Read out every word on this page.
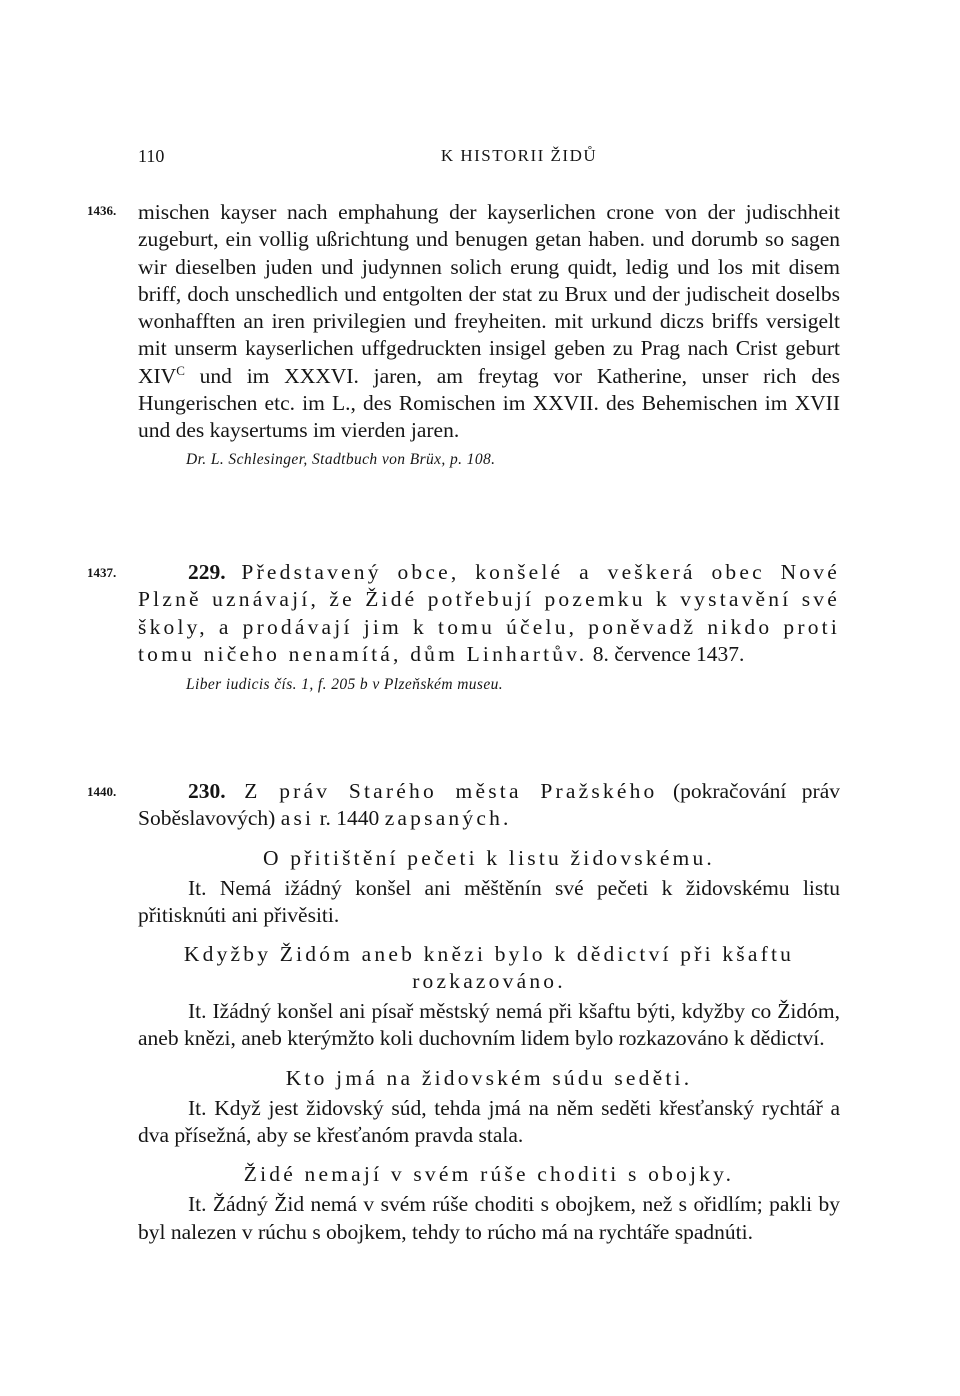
110	K HISTORII ŽIDŮ
1436. mischen kayser nach emphahung der kayserlichen crone von der judischheit zugeburt, ein vollig ußrichtung und benugen getan haben. und dorumb so sagen wir dieselben juden und judynnen solich erung quidt, ledig und los mit disem briff, doch unschedlich und entgolten der stat zu Brux und der judischeit doselbs wonhafften an iren privilegien und freyheiten. mit urkund diczs briffs versigelt mit unserm kayserlichen uffgedruckten insigel geben zu Prag nach Crist geburt $XIV^C$ und im XXXVI. jaren, am freytag vor Katherine, unser rich des Hungerischen etc. im L., des Romischen im XXVII. des Behemischen im XVII und des kaysertums im vierden jaren.

Dr. L. Schlesinger, Stadtbuch von Brüx, p. 108.
1437.	229. Představený obce, konšelé a veškerá obec Nové Plzně uznávají, že Židé potřebují pozemku k vystavění své školy, a prodávají jim k tomu účelu, poněvadž nikdo proti tomu ničeho nenamítá, dům Linhartův. 8. července 1437.

Liber iudicis čís. 1, f. 205 b v Plzeňském museu.
1440.	230. Z práv Starého města Pražského (pokračování práv Soběslavových) asi r. 1440 zapsaných.

O přitištění pečeti k listu židovskému.

It. Nemá ižádný konšel ani měštěnín své pečeti k židovskému listu přitisknúti ani přivěsiti.

Kdyžby Židóm aneb knězi bylo k dědictví při kšaftu rozkazováno.

It. Ižádný konšel ani písař městský nemá při kšaftu býti, kdyžby co Židóm, aneb knězi, aneb kterýmžto koli duchovním lidem bylo rozkazováno k dědictví.

Kto jmá na židovském súdu seděti.

It. Když jest židovský súd, tehda jmá na něm seděti křesťanský rychtář a dva přísežná, aby se křesťanóm pravda stala.

Židé nemají v svém rúše choditi s obojky.

It. Žádný Žid nemá v svém rúše choditi s obojkem, než s ořidlím; pakli by byl nalezen v rúchu s obojkem, tehdy to rúcho má na rychtáře spadnúti.
